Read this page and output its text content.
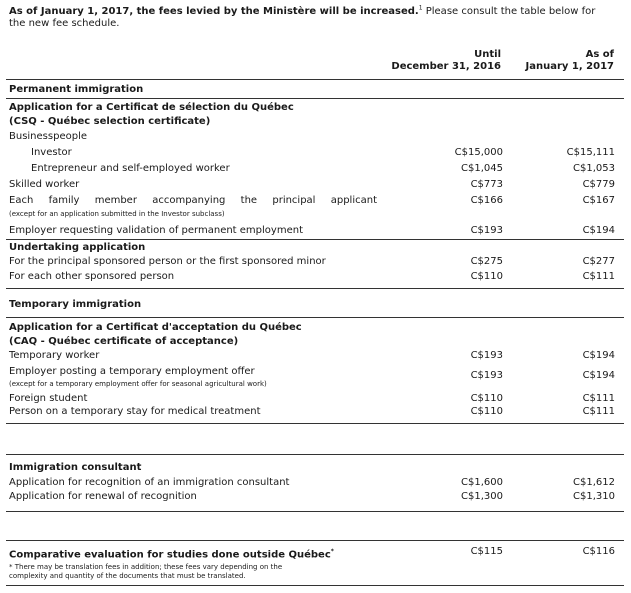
As of January 1, 2017, the fees levied by the Ministère will be increased.$^1$ Please consult the table below for the new fee schedule.
Until
December 31, 2016
As of
January 1, 2017
Permanent immigration
Application for a Certificat de sélection du Québec
(CSQ - Québec selection certificate)
Businesspeople
Investor	C$15,000	C$15,111
Entrepreneur and self-employed worker	C$1,045	C$1,053
Skilled worker	C$773	C$779
Each family member accompanying the principal applicant	C$166	C$167
(except for an application submitted in the Investor subclass)
Employer requesting validation of permanent employment	C$193	C$194
Undertaking application
For the principal sponsored person or the first sponsored minor	C$275	C$277
For each other sponsored person	C$110	C$111
Temporary immigration
Application for a Certificat d'acceptation du Québec
(CAQ - Québec certificate of acceptance)
Temporary worker	C$193	C$194
Employer posting a temporary employment offer	C$193	C$194
(except for a temporary employment offer for seasonal agricultural work)
Foreign student	C$110	C$111
Person on a temporary stay for medical treatment	C$110	C$111
Immigration consultant
Application for recognition of an immigration consultant	C$1,600	C$1,612
Application for renewal of recognition	C$1,300	C$1,310
Comparative evaluation for studies done outside Québec*	C$115	C$116
* There may be translation fees in addition; these fees vary depending on the
complexity and quantity of the documents that must be translated.
